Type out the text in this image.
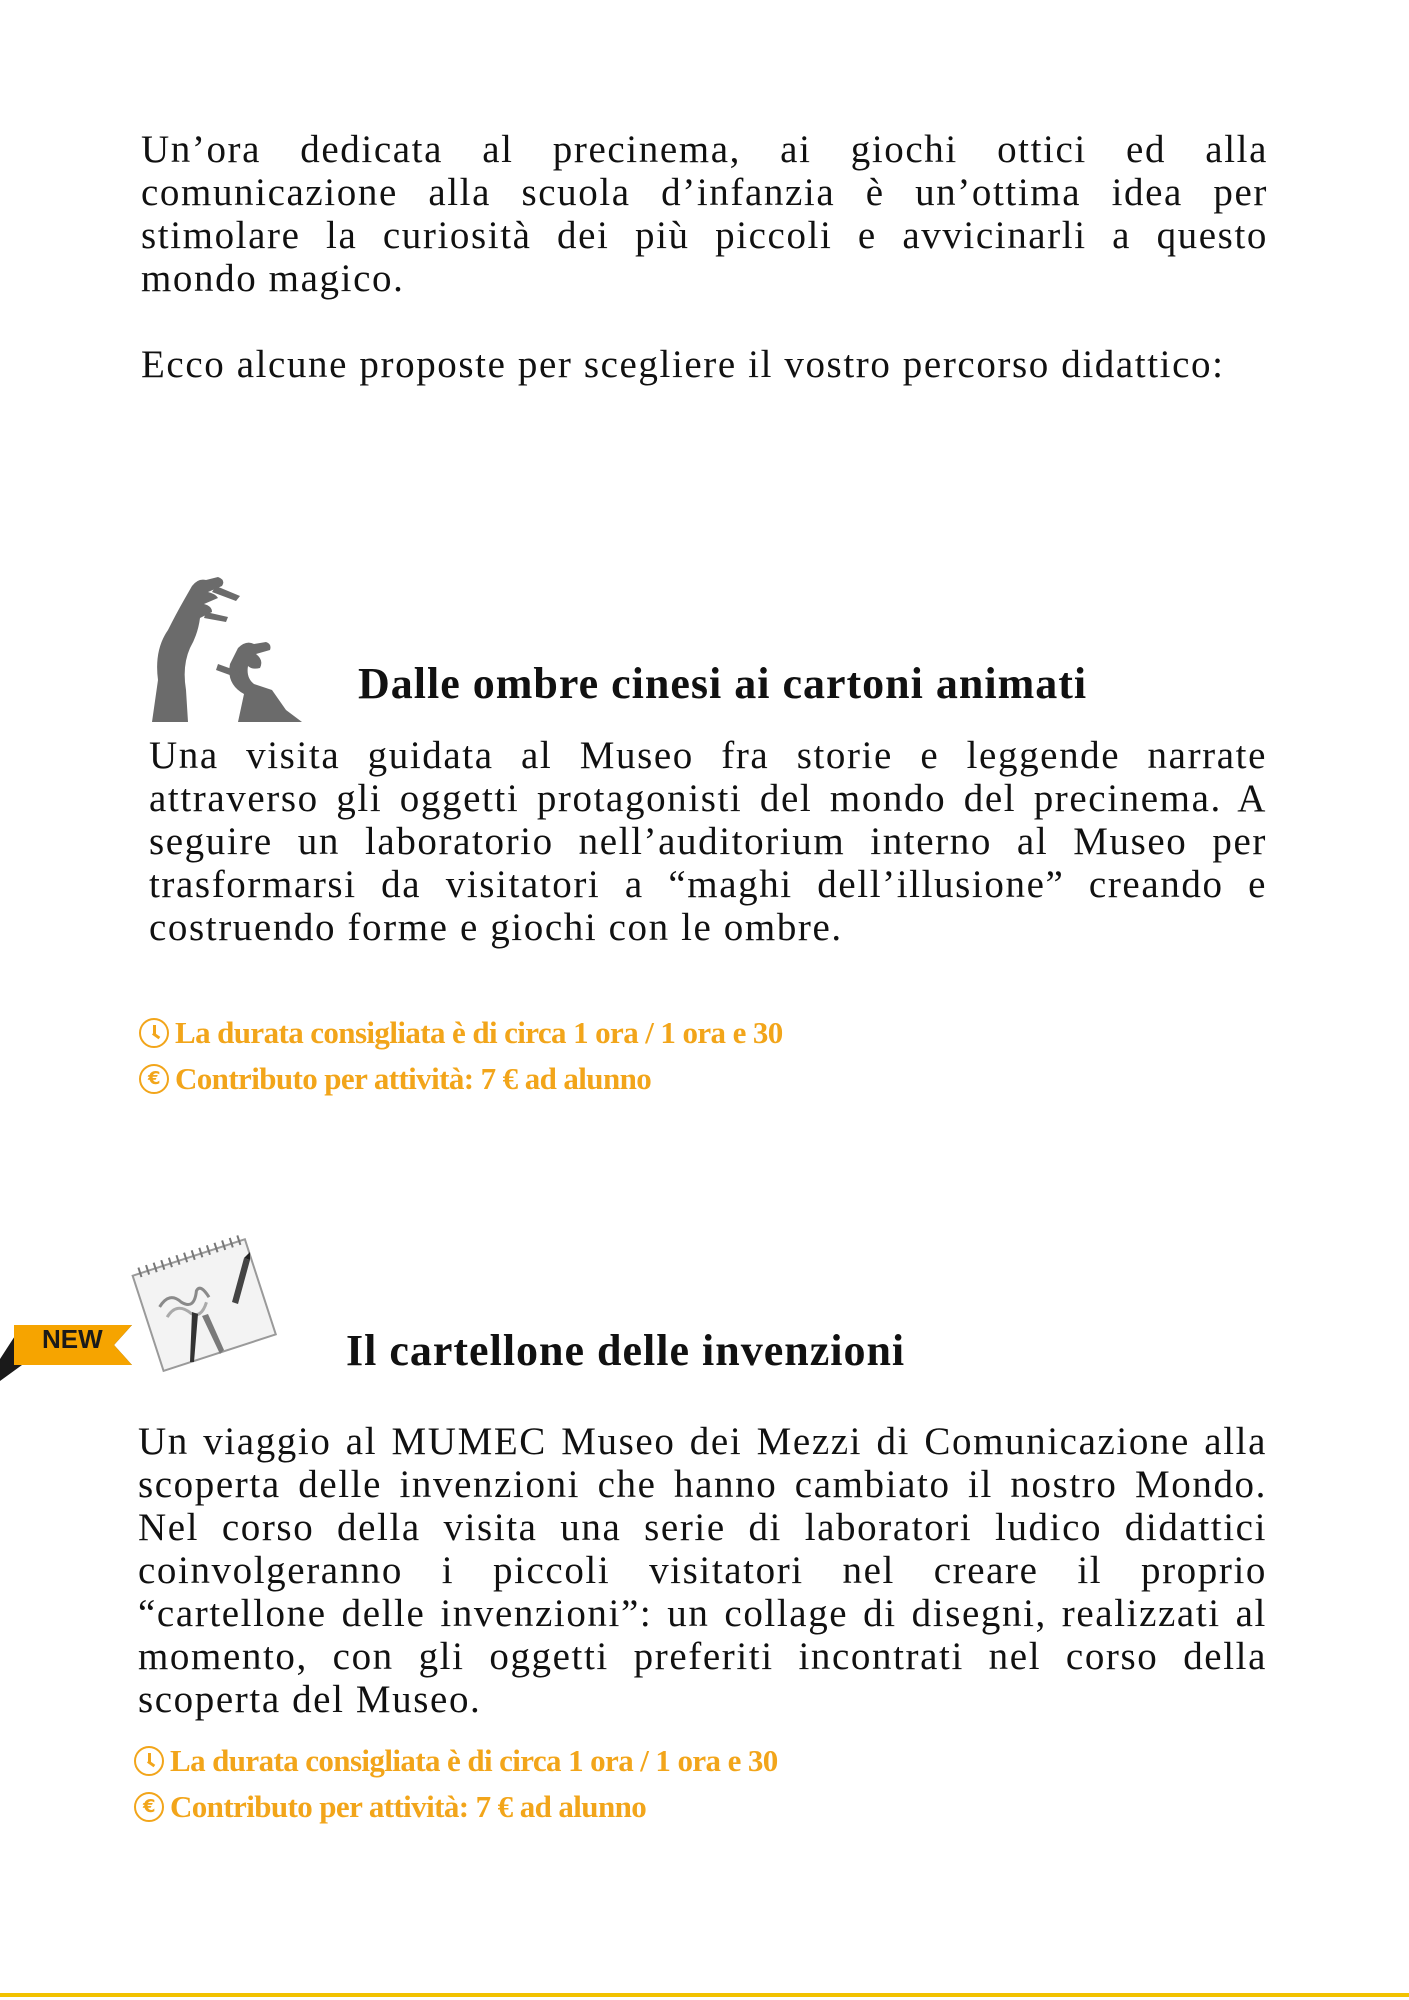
Un’ora dedicata al precinema, ai giochi ottici ed alla comunicazione alla scuola d’infanzia è un’ottima idea per stimolare la curiosità dei più piccoli e avvicinarli a questo mondo magico.

Ecco alcune proposte per scegliere il vostro percorso didattico:

Dalle ombre cinesi ai cartoni animati

Una visita guidata al Museo fra storie e leggende narrate attraverso gli oggetti protagonisti del mondo del precinema. A seguire un laboratorio nell’auditorium interno al Museo per trasformarsi da visitatori a “maghi dell’illusione” creando e costruendo forme e giochi con le ombre.

La durata consigliata è di circa 1 ora / 1 ora e 30
€ Contributo per attività: 7 € ad alunno
NEW	Il cartellone delle invenzioni

Un viaggio al MUMEC Museo dei Mezzi di Comunicazione alla scoperta delle invenzioni che hanno cambiato il nostro Mondo. Nel corso della visita una serie di laboratori ludico didattici coinvolgeranno i piccoli visitatori nel creare il proprio “cartellone delle invenzioni”: un collage di disegni, realizzati al momento, con gli oggetti preferiti incontrati nel corso della scoperta del Museo.

La durata consigliata è di circa 1 ora / 1 ora e 30
€ Contributo per attività: 7 € ad alunno
